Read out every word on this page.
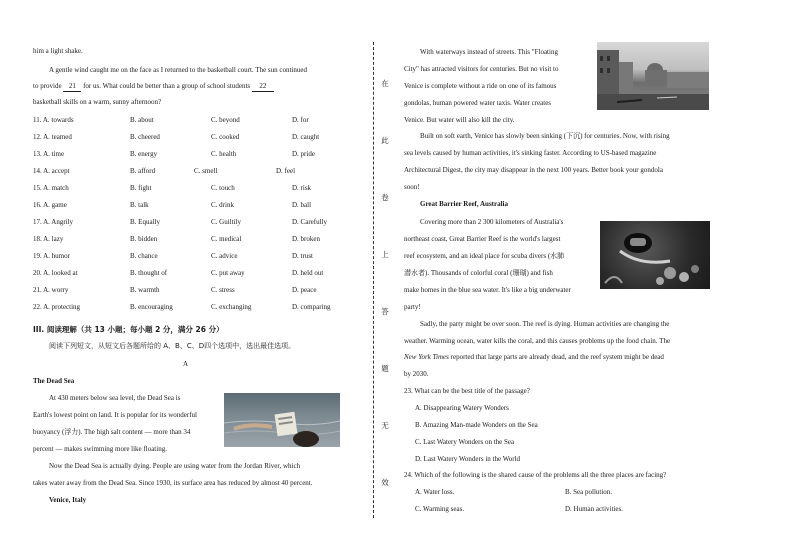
him a light shake.
A gentle wind caught me on the face as I returned to the basketball court. The sun continued
to provide 21 for us. What could be better than a group of school students 22
basketball skills on a warm, sunny afternoon?
11. A. towards	B. about	C. beyond	D. for
12. A. teamed	B. cheered	C. cooked	D. caught
13. A. time	B. energy	C. health	D. pride
14. A. accept	B. afford	C. smell	D. feel
15. A. match	B. fight	C. touch	D. risk
16. A. game	B. talk	C. drink	D. ball
17. A. Angrily	B. Equally	C. Guiltily	D. Carefully
18. A. lazy	B. bidden	C. medical	D. broken
19. A. humor	B. chance	C. advice	D. trust
20. A. looked at	B. thought of	C. put away	D. held out
21. A. worry	B. warmth	C. stress	D. peace
22. A. protecting	B. encouraging	C. exchanging	D. comparing
III. 阅读理解（共 13 小题；每小题 2 分，满分 26 分）
阅读下列短文，从短文后各题所给的 A、B、C、D四个选项中，选出最佳选项。
A
The Dead Sea
At 430 meters below sea level, the Dead Sea is
Earth's lowest point on land. It is popular for its wonderful
buoyancy (浮力). The high salt content — more than 34
percent — makes swimming more like floating.
Now the Dead Sea is actually dying. People are using water from the Jordan River, which
takes water away from the Dead Sea. Since 1930, its surface area has reduced by almost 40 percent.
Venice, Italy
在
此
卷
上
答
题
无
效
With waterways instead of streets. This "Floating
City" has attracted visitors for centuries. But no visit to
Venice is complete without a ride on one of its famous
gondolas, human powered water taxis. Water creates
Venice. But water will also kill the city.
Built on soft earth, Venice has slowly been sinking (下沉) for centuries. Now, with rising
sea levels caused by human activities, it's sinking faster. According to US-based magazine
Architectural Digest, the city may disappear in the next 100 years. Better book your gondola
soon!
Great Barrier Reef, Australia
Covering more than 2 300 kilometers of Australia's
northeast coast, Great Barrier Reef is the world's largest
reef ecosystem, and an ideal place for scuba divers (水肺
潜水者). Thousands of colorful coral (珊瑚) and fish
make homes in the blue sea water. It's like a big underwater
party!
Sadly, the party might be over soon. The reef is dying. Human activities are changing the
weather. Warming ocean, water kills the coral, and this causes problems up the food chain. The
New York Times reported that large parts are already dead, and the reef system might be dead
by 2030.
23. What can be the best title of the passage?
A. Disappearing Watery Wonders
B. Amazing Man-made Wonders on the Sea
C. Last Watery Wonders on the Sea
D. Last Watery Wonders in the World
24. Which of the following is the shared cause of the problems all the three places are facing?
A. Water loss.	B. Sea pollution.
C. Warming seas.	D. Human activities.
